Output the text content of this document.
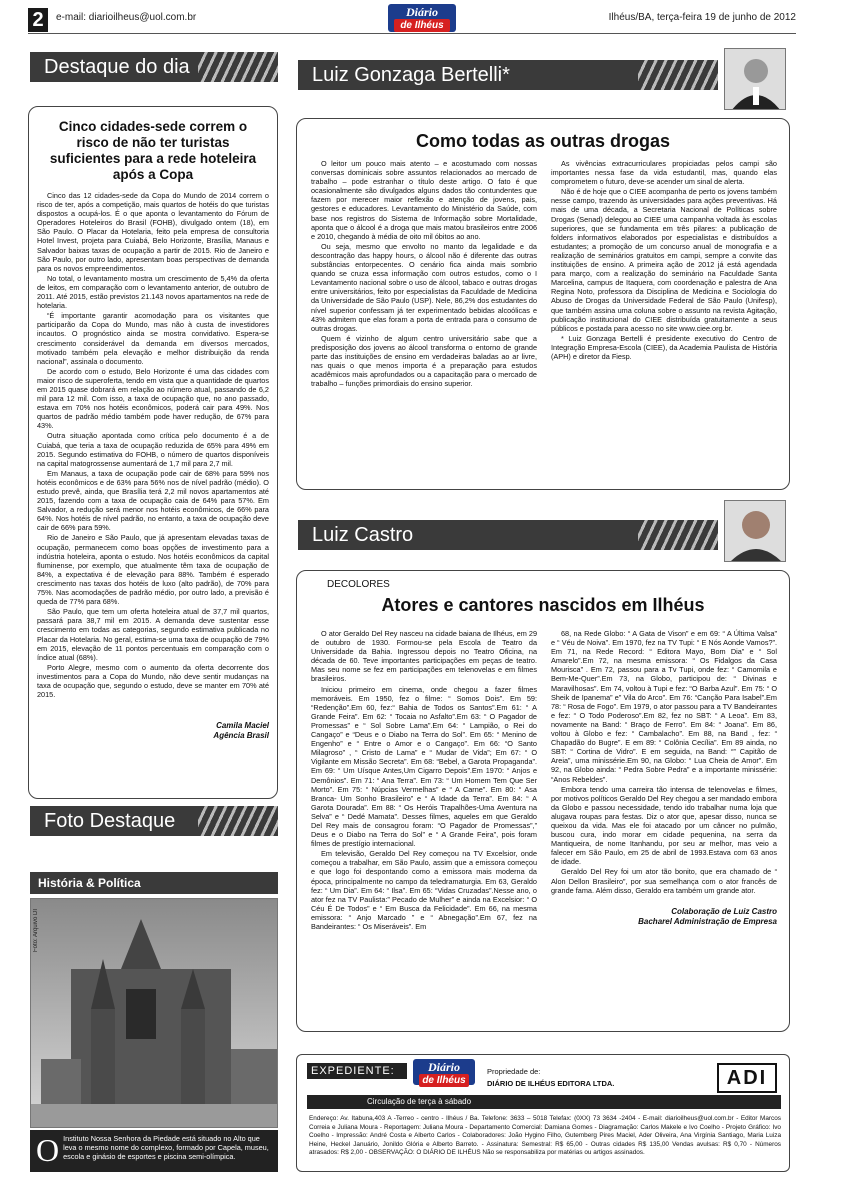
2	e-mail: diarioilheus@uol.com.br	Diário
de Ilhéus
Ilhéus/BA, terça-feira 19 de junho de 2012
Destaque do dia
Cinco cidades-sede correm o risco de não ter turistas suficientes para a rede hoteleira após a Copa

Cinco das 12 cidades-sede da Copa do Mundo de 2014 correm o risco de ter, após a competição, mais quartos de hotéis do que turistas dispostos a ocupá-los. É o que aponta o levantamento do Fórum de Operadores Hoteleiros do Brasil (FOHB), divulgado ontem (18), em São Paulo. O Placar da Hotelaria, feito pela empresa de consultoria Hotel Invest, projeta para Cuiabá, Belo Horizonte, Brasília, Manaus e Salvador baixas taxas de ocupação a partir de 2015. Rio de Janeiro e São Paulo, por outro lado, apresentam boas perspectivas de demanda para os novos empreendimentos.

No total, o levantamento mostra um crescimento de 5,4% da oferta de leitos, em comparação com o levantamento anterior, de outubro de 2011. Até 2015, estão previstos 21.143 novos apartamentos na rede de hotelaria.

“É importante garantir acomodação para os visitantes que participarão da Copa do Mundo, mas não à custa de investidores incautos. O prognóstico ainda se mostra convidativo. Espera-se crescimento considerável da demanda em diversos mercados, motivado também pela elevação e melhor distribuição da renda nacional”, assinala o documento.

De acordo com o estudo, Belo Horizonte é uma das cidades com maior risco de superoferta, tendo em vista que a quantidade de quartos em 2015 quase dobrará em relação ao número atual, passando de 6,2 mil para 12 mil. Com isso, a taxa de ocupação que, no ano passado, estava em 70% nos hotéis econômicos, poderá cair para 49%. Nos quartos de padrão médio também pode haver redução, de 67% para 43%.

Outra situação apontada como crítica pelo documento é a de Cuiabá, que teria a taxa de ocupação reduzida de 65% para 49% em 2015. Segundo estimativa do FOHB, o número de quartos disponíveis na capital matogrossense aumentará de 1,7 mil para 2,7 mil.

Em Manaus, a taxa de ocupação pode cair de 68% para 59% nos hotéis econômicos e de 63% para 56% nos de nível padrão (médio). O estudo prevê, ainda, que Brasília terá 2,2 mil novos apartamentos até 2015, fazendo com a taxa de ocupação caia de 64% para 57%. Em Salvador, a redução será menor nos hotéis econômicos, de 66% para 64%. Nos hotéis de nível padrão, no entanto, a taxa de ocupação deve cair de 66% para 59%.

Rio de Janeiro e São Paulo, que já apresentam elevadas taxas de ocupação, permanecem como boas opções de investimento para a indústria hoteleira, aponta o estudo. Nos hotéis econômicos da capital fluminense, por exemplo, que atualmente têm taxa de ocupação de 84%, a expectativa é de elevação para 88%. Também é esperado crescimento nas taxas dos hotéis de luxo (alto padrão), de 70% para 75%. Nas acomodações de padrão médio, por outro lado, a previsão é queda de 77% para 68%.

São Paulo, que tem um oferta hoteleira atual de 37,7 mil quartos, passará para 38,7 mil em 2015. A demanda deve sustentar esse crescimento em todas as categorias, segundo estimativa publicada no Placar da Hotelaria. No geral, estima-se uma taxa de ocupação de 79% em 2015, elevação de 11 pontos percentuais em comparação com o índice atual (68%).

Porto Alegre, mesmo com o aumento da oferta decorrente dos investimentos para a Copa do Mundo, não deve sentir mudanças na taxa de ocupação que, segundo o estudo, deve se manter em 70% até 2015.

Camila Maciel
Agência Brasil
Foto Destaque
História & Política
Foto: Arquivo DI
O Instituto Nossa Senhora da Piedade está situado no Alto que leva o mesmo nome do complexo, formado por Capela, museu, escola e ginásio de esportes e piscina semi-olímpica.
Luiz Gonzaga Bertelli*
Como todas as outras drogas

O leitor um pouco mais atento – e acostumado com nossas conversas dominicais sobre assuntos relacionados ao mercado de trabalho – pode estranhar o título deste artigo. O fato é que ocasionalmente são divulgados alguns dados tão contundentes que fazem por merecer maior reflexão e atenção de jovens, pais, gestores e educadores. Levantamento do Ministério da Saúde, com base nos registros do Sistema de Informação sobre Mortalidade, aponta que o álcool é a droga que mais matou brasileiros entre 2006 e 2010, chegando à média de oito mil óbitos ao ano.

Ou seja, mesmo que envolto no manto da legalidade e da descontração das happy hours, o álcool não é diferente das outras substâncias entorpecentes. O cenário fica ainda mais sombrio quando se cruza essa informação com outros estudos, como o I Levantamento nacional sobre o uso de álcool, tabaco e outras drogas entre universitários, feito por especialistas da Faculdade de Medicina da Universidade de São Paulo (USP). Nele, 86,2% dos estudantes do nível superior confessam já ter experimentado bebidas alcoólicas e 43% admitem que elas foram a porta de entrada para o consumo de outras drogas.

Quem é vizinho de algum centro universitário sabe que a predisposição dos jovens ao álcool transforma o entorno de grande parte das instituições de ensino em verdadeiras baladas ao ar livre, nas quais o que menos importa é a preparação para estudos acadêmicos mais aprofundados ou a capacitação para o mercado de trabalho – funções primordiais do ensino superior.

As vivências extracurriculares propiciadas pelos campi são importantes nessa fase da vida estudantil, mas, quando elas comprometem o futuro, deve-se acender um sinal de alerta.

Não é de hoje que o CIEE acompanha de perto os jovens também nesse campo, trazendo às universidades para ações preventivas. Há mais de uma década, a Secretaria Nacional de Políticas sobre Drogas (Senad) delegou ao CIEE uma campanha voltada às escolas superiores, que se fundamenta em três pilares: a publicação de folders informativos elaborados por especialistas e distribuídos a estudantes; a promoção de um concurso anual de monografia e a realização de seminários gratuitos em campi, sempre a convite das instituições de ensino. A primeira ação de 2012 já está agendada para março, com a realização do seminário na Faculdade Santa Marcelina, campus de Itaquera, com coordenação e palestra de Ana Regina Noto, professora da Disciplina de Medicina e Sociologia do Abuso de Drogas da Universidade Federal de São Paulo (Unifesp), que também assina uma coluna sobre o assunto na revista Agitação, publicação institucional do CIEE distribuída gratuitamente a seus públicos e postada para acesso no site www.ciee.org.br.

* Luiz Gonzaga Bertelli é presidente executivo do Centro de Integração Empresa-Escola (CIEE), da Academia Paulista de História (APH) e diretor da Fiesp.

Luiz Castro
DECOLORES
Atores e cantores nascidos em Ilhéus

O ator Geraldo Del Rey nasceu na cidade baiana de Ilhéus, em 29 de outubro de 1930. Formou-se pela Escola de Teatro da Universidade da Bahia. Ingressou depois no Teatro Oficina, na década de 60. Teve importantes participações em peças de teatro. Mas seu nome se fez em participações em telenovelas e em filmes brasileiros.

Iniciou primeiro em cinema, onde chegou a fazer filmes memoráveis. Em 1950, fez o filme: “ Somos Dois”. Em 59: “Redenção”.Em 60, fez:“ Bahia de Todos os Santos”.Em 61: “ A Grande Feira”. Em 62: “ Tocaia no Asfalto”.Em 63: “ O Pagador de Promessas” e “ Sol Sobre Lama”.Em 64: “ Lampião, o Rei do Cangaço” e “Deus e o Diabo na Terra do Sol”. Em 65: “ Menino de Engenho” e “ Entre o Amor e o Cangaço”. Em 66: “O Santo Milagroso” , “ Cristo de Lama” e “ Mudar de Vida”; Em 67: “ O Vigilante em Missão Secreta”. Em 68: “Bebel, a Garota Propaganda”. Em 69: “ Um Uísque Antes,Um Cigarro Depois”.Em 1970: “ Anjos e Demônios”. Em 71: “ Ana Terra”. Em 73: “ Um Homem Tem Que Ser Morto”. Em 75: “ Núpcias Vermelhas” e “ A Carne”. Em 80: “ Asa Branca- Um Sonho Brasileiro” e “ A Idade da Terra”. Em 84: “ A Garota Dourada”. Em 88: “ Os Heróis Trapalhões-Uma Aventura na Selva” e “ Dedé Mamata”. Desses filmes, aqueles em que Geraldo Del Rey mais de consagrou foram: “O Pagador de Promessas”,” Deus e o Diabo na Terra do Sol” e “ A Grande Feira”, pois foram filmes de prestígio internacional.

Em televisão, Geraldo Del Rey começou na TV Excelsior, onde começou a trabalhar, em São Paulo, assim que a emissora começou e que logo foi despontando como a emissora mais moderna da época, principalmente no campo da teledramaturgia. Em 63, Geraldo fez: “ Um Dia”. Em 64: “ Ilsa”. Em 65: “Vidas Cruzadas”.Nesse ano, o ator fez na TV Paulista:” Pecado de Mulher” e ainda na Excelsior: “ O Céu É De Todos” e “ Em Busca da Felicidade”. Em 66, na mesma emissora: “ Anjo Marcado ” e “ Abnegação”.Em 67, fez na Bandeirantes: “ Os Miseráveis”. Em

68, na Rede Globo: “ A Gata de Vison” e em 69: “ A Última Valsa” e “ Véu de Noiva”. Em 1970, fez na TV Tupi: “ E Nós Aonde Vamos?”. Em 71, na Rede Record: “ Editora Mayo, Bom Dia” e “ Sol Amarelo”.Em 72, na mesma emissora: “ Os Fidalgos da Casa Mourisca” . Em 72, passou para a Tv Tupi, onde fez: “ Camomila e Bem-Me-Quer”.Em 73, na Globo, participou de: “ Divinas e Maravilhosas”. Em 74, voltou à Tupi e fez: “O Barba Azul”. Em 75: “ O Sheik de Ipanema” e” Vila do Arco”. Em 76: “Canção Para Isabel”.Em 78: “ Rosa de Fogo”. Em 1979, o ator passou para a TV Bandeirantes e fez: “ O Todo Poderoso”.Em 82, fez no SBT: “ A Leoa”. Em 83, novamente na Band: “ Braço de Ferro”. Em 84: “ Joana”. Em 86, voltou à Globo e fez: “ Cambalacho”. Em 88, na Band , fez: “ Chapadão do Bugre”. E em 89: “ Colônia Cecília”. Em 89 ainda, no SBT: “ Cortina de Vidro”. E em seguida, na Band: “” Capitão de Areia”, uma minissérie.Em 90, na Globo: “ Lua Cheia de Amor”. Em 92, na Globo ainda: “ Pedra Sobre Pedra” e a importante minissérie: “Anos Rebeldes”.

Embora tendo uma carreira tão intensa de telenovelas e filmes, por motivos políticos Geraldo Del Rey chegou a ser mandado embora da Globo e passou necessidade, tendo ido trabalhar numa loja que alugava roupas para festas. Diz o ator que, apesar disso, nunca se queixou da vida. Mas ele foi atacado por um câncer no pulmão, buscou cura, indo morar em cidade pequenina, na serra da Mantiqueira, de nome Itanhandu, por seu ar melhor, mas veio a falecer em São Paulo, em 25 de abril de 1993.Estava com 63 anos de idade.

Geraldo Del Rey foi um ator tão bonito, que era chamado de “ Alon Dellon Brasileiro”, por sua semelhança com o ator francês de grande fama. Além disso, Geraldo era também um grande ator.

Colaboração de Luiz Castro
Bacharel Administração de Empresa
EXPEDIENTE:	Diário
de Ilhéus
Propriedade de:
DIÁRIO DE ILHÉUS EDITORA LTDA.	ADI
Circulação de terça à sábado
Endereço: Av. Itabuna,403 A -Terreo - centro - Ilhéus / Ba. Telefone: 3633 – 5018 Telefax: (0XX) 73 3634 -2404 - E-mail: diarioilheus@uol.com.br - Editor Marcos Correia e Juliana Moura - Reportagem: Juliana Moura - Departamento Comercial: Damiana Gomes - Diagramação: Carlos Makele e Ivo Coelho - Projeto Gráfico: Ivo Coelho - Impressão: André Costa e Alberto Carlos - Colaboradores: João Hygino Filho, Gutemberg Pires Maciel, Ader Oliveira, Ana Virgínia Santiago, Maria Luiza Heine, Heckel Januário, Jonildo Glória e Alberto Barreto. - Assinatura: Semestral: R$ 65,00 - Outras cidades R$ 135,00 Vendas avulsas: R$ 0,70 - Números atrasados: R$ 2,00 - OBSERVAÇÃO: O DIÁRIO DE ILHÉUS Não se responsabiliza por matérias ou artigos assinados.
